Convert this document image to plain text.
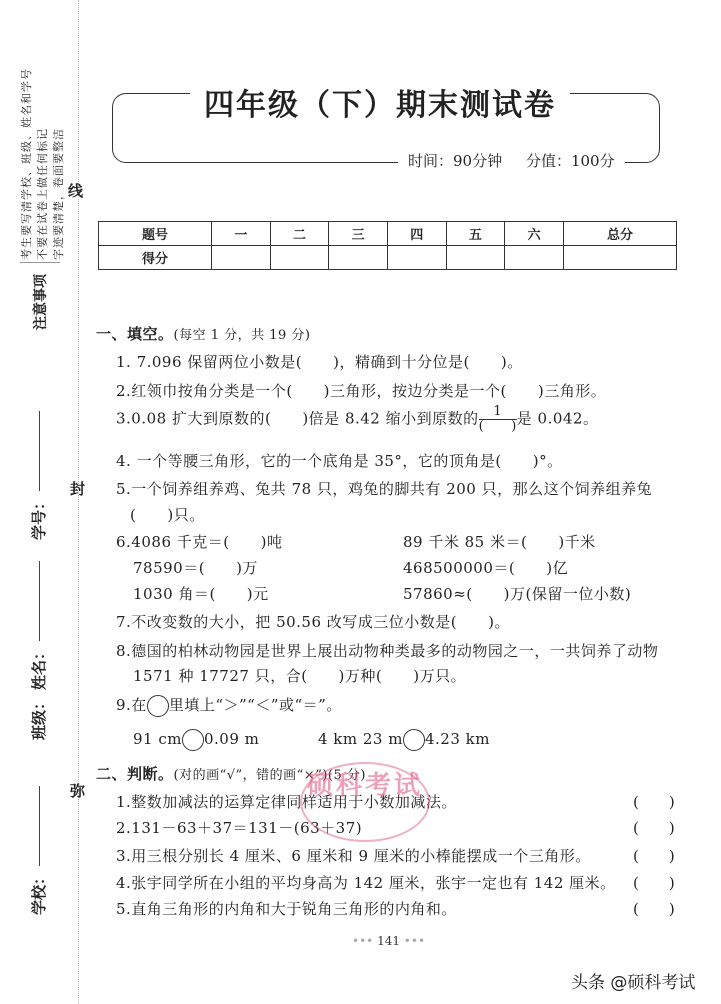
注意事项
考生要写清学校、班级、姓名和学号 不要在试卷上做任何标记 字迹要清楚，卷面要整洁 线
封
弥
学号：
姓名：
班级：
学校：
四年级（下）期末测试卷
时间：90分钟 分值：100分
题号	一	二	三	四	五	六	总分
得分							
一、填空。(每空 1 分，共 19 分)
1. 7.096 保留两位小数是(　　)，精确到十分位是(　　)。
2.红领巾按角分类是一个(　　)三角形，按边分类是一个(　　)三角形。
3.0.08 扩大到原数的(　　)倍是 8.42 缩小到原数的 $\frac{1}{( )}$ 是 0.042。
4. 一个等腰三角形，它的一个底角是 35°，它的顶角是(　　)°。
5.一个饲养组养鸡、兔共 78 只，鸡兔的脚共有 200 只，那么这个饲养组养兔
(　　)只。
6.4086 千克＝(　　)吨	89 千米 85 米＝(　　)千米
78590＝(　　)万	468500000＝(　　)亿
1030 角＝(　　)元	57860≈(　　)万(保留一位小数)
7.不改变数的大小，把 50.56 改写成三位小数是(　　)。
8.德国的柏林动物园是世界上展出动物种类最多的动物园之一，一共饲养了动物
1571 种 17727 只，合(　　)万种(　　)万只。
9.在 里填上“＞”“＜”或“＝”。
91 cm 0.09 m	4 km 23 m 4.23 km
二、判断。(对的画“√”，错的画“×”)(5 分)
1.整数加减法的运算定律同样适用于小数加减法。	(　　)
2.131－63＋37＝131－(63＋37)	(　　)
3.用三根分别长 4 厘米、6 厘米和 9 厘米的小棒能摆成一个三角形。	(　　)
4.张宇同学所在小组的平均身高为 142 厘米，张宇一定也有 142 厘米。 (　　)
5.直角三角形的内角和大于锐角三角形的内角和。	(　　)
硕科考试
••• 141 •••
头条 @硕科考试
